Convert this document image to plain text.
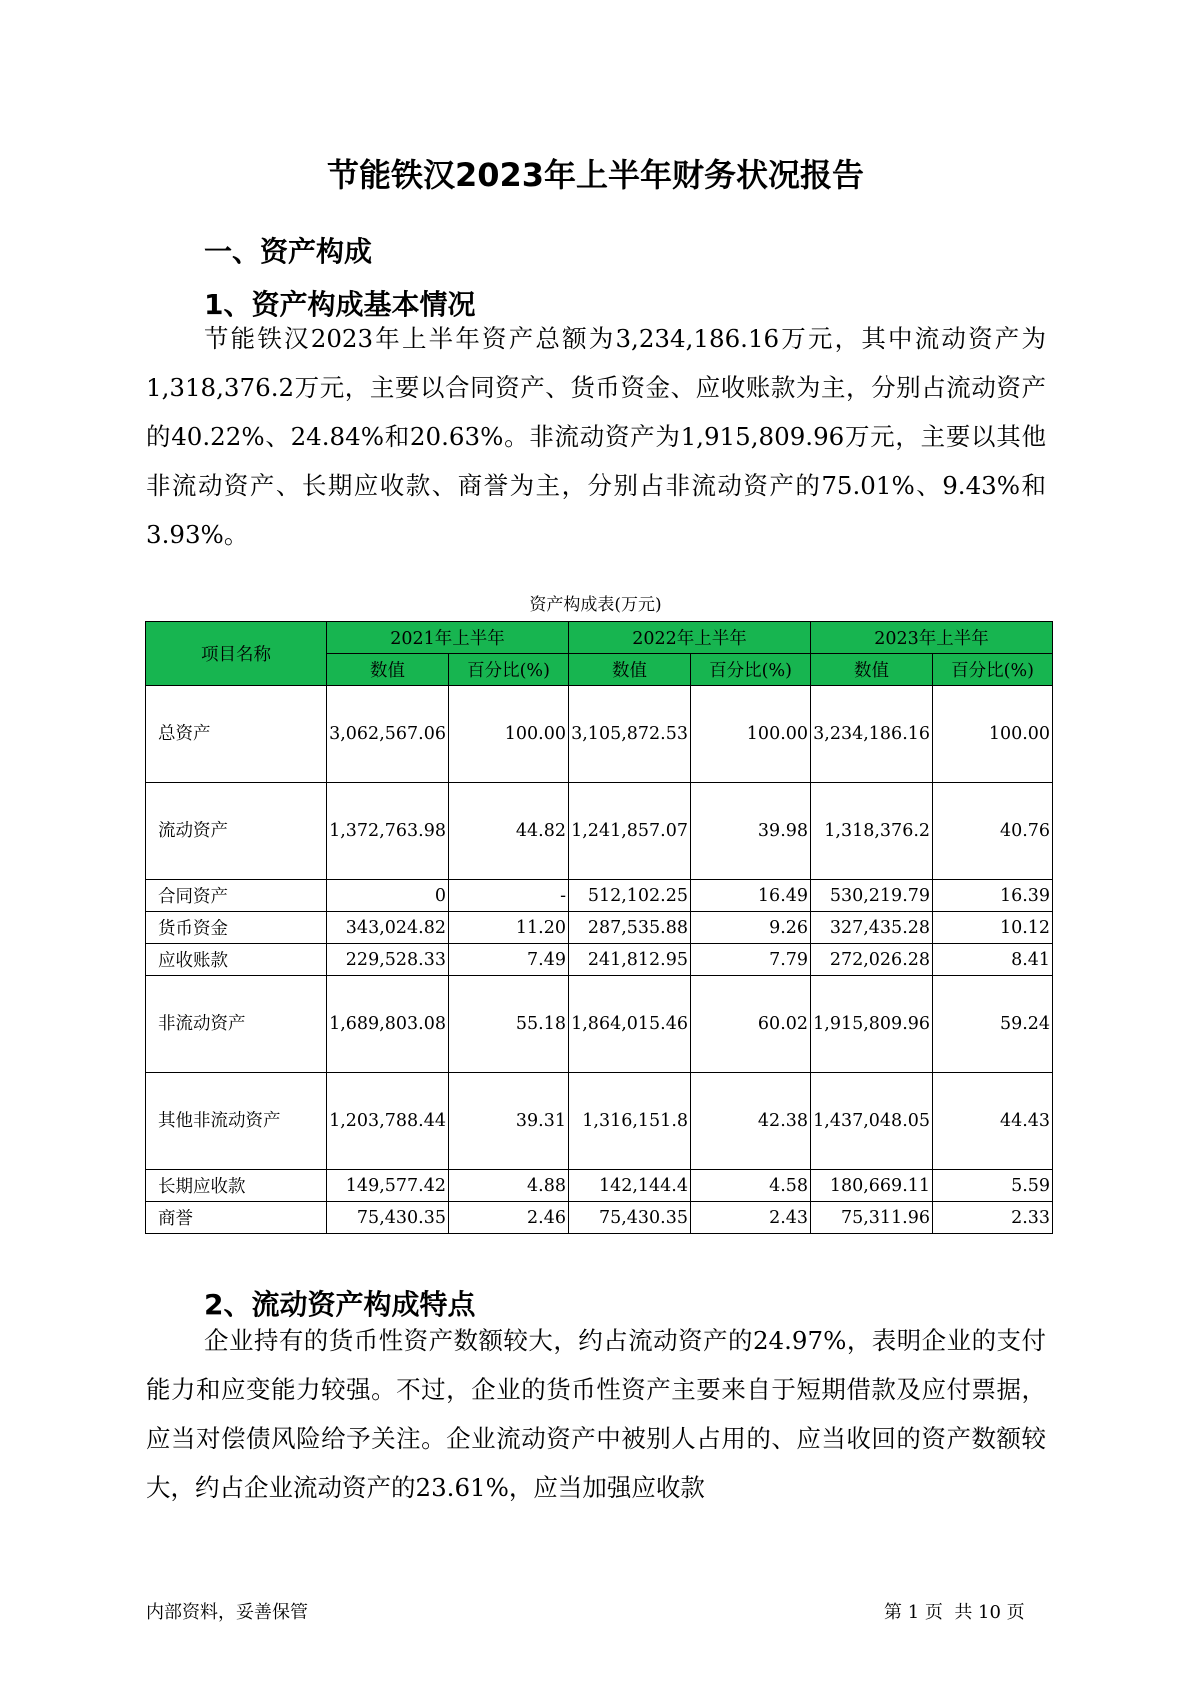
节能铁汉2023年上半年财务状况报告
一、资产构成
1、资产构成基本情况

节能铁汉2023年上半年资产总额为3,234,186.16万元，其中流动资产为1,318,376.2万元，主要以合同资产、货币资金、应收账款为主，分别占流动资产的40.22%、24.84%和20.63%。非流动资产为1,915,809.96万元，主要以其他非流动资产、长期应收款、商誉为主，分别占非流动资产的75.01%、9.43%和3.93%。

资产构成表(万元)
项目名称	2021年上半年		2022年上半年		2023年上半年	
	数值	百分比(%)	数值	百分比(%)	数值	百分比(%)
总资产	3,062,567.06	100.00	3,105,872.53	100.00	3,234,186.16	100.00
流动资产	1,372,763.98	44.82	1,241,857.07	39.98	1,318,376.2	40.76
合同资产	0	-	512,102.25	16.49	530,219.79	16.39
货币资金	343,024.82	11.20	287,535.88	9.26	327,435.28	10.12
应收账款	229,528.33	7.49	241,812.95	7.79	272,026.28	8.41
非流动资产	1,689,803.08	55.18	1,864,015.46	60.02	1,915,809.96	59.24
其他非流动资产	1,203,788.44	39.31	1,316,151.8	42.38	1,437,048.05	44.43
长期应收款	149,577.42	4.88	142,144.4	4.58	180,669.11	5.59
商誉	75,430.35	2.46	75,430.35	2.43	75,311.96	2.33
2、流动资产构成特点

企业持有的货币性资产数额较大，约占流动资产的24.97%，表明企业的支付能力和应变能力较强。不过，企业的货币性资产主要来自于短期借款及应付票据，应当对偿债风险给予关注。企业流动资产中被别人占用的、应当收回的资产数额较大，约占企业流动资产的23.61%，应当加强应收款

内部资料，妥善保管	第 1 页  共 10 页
